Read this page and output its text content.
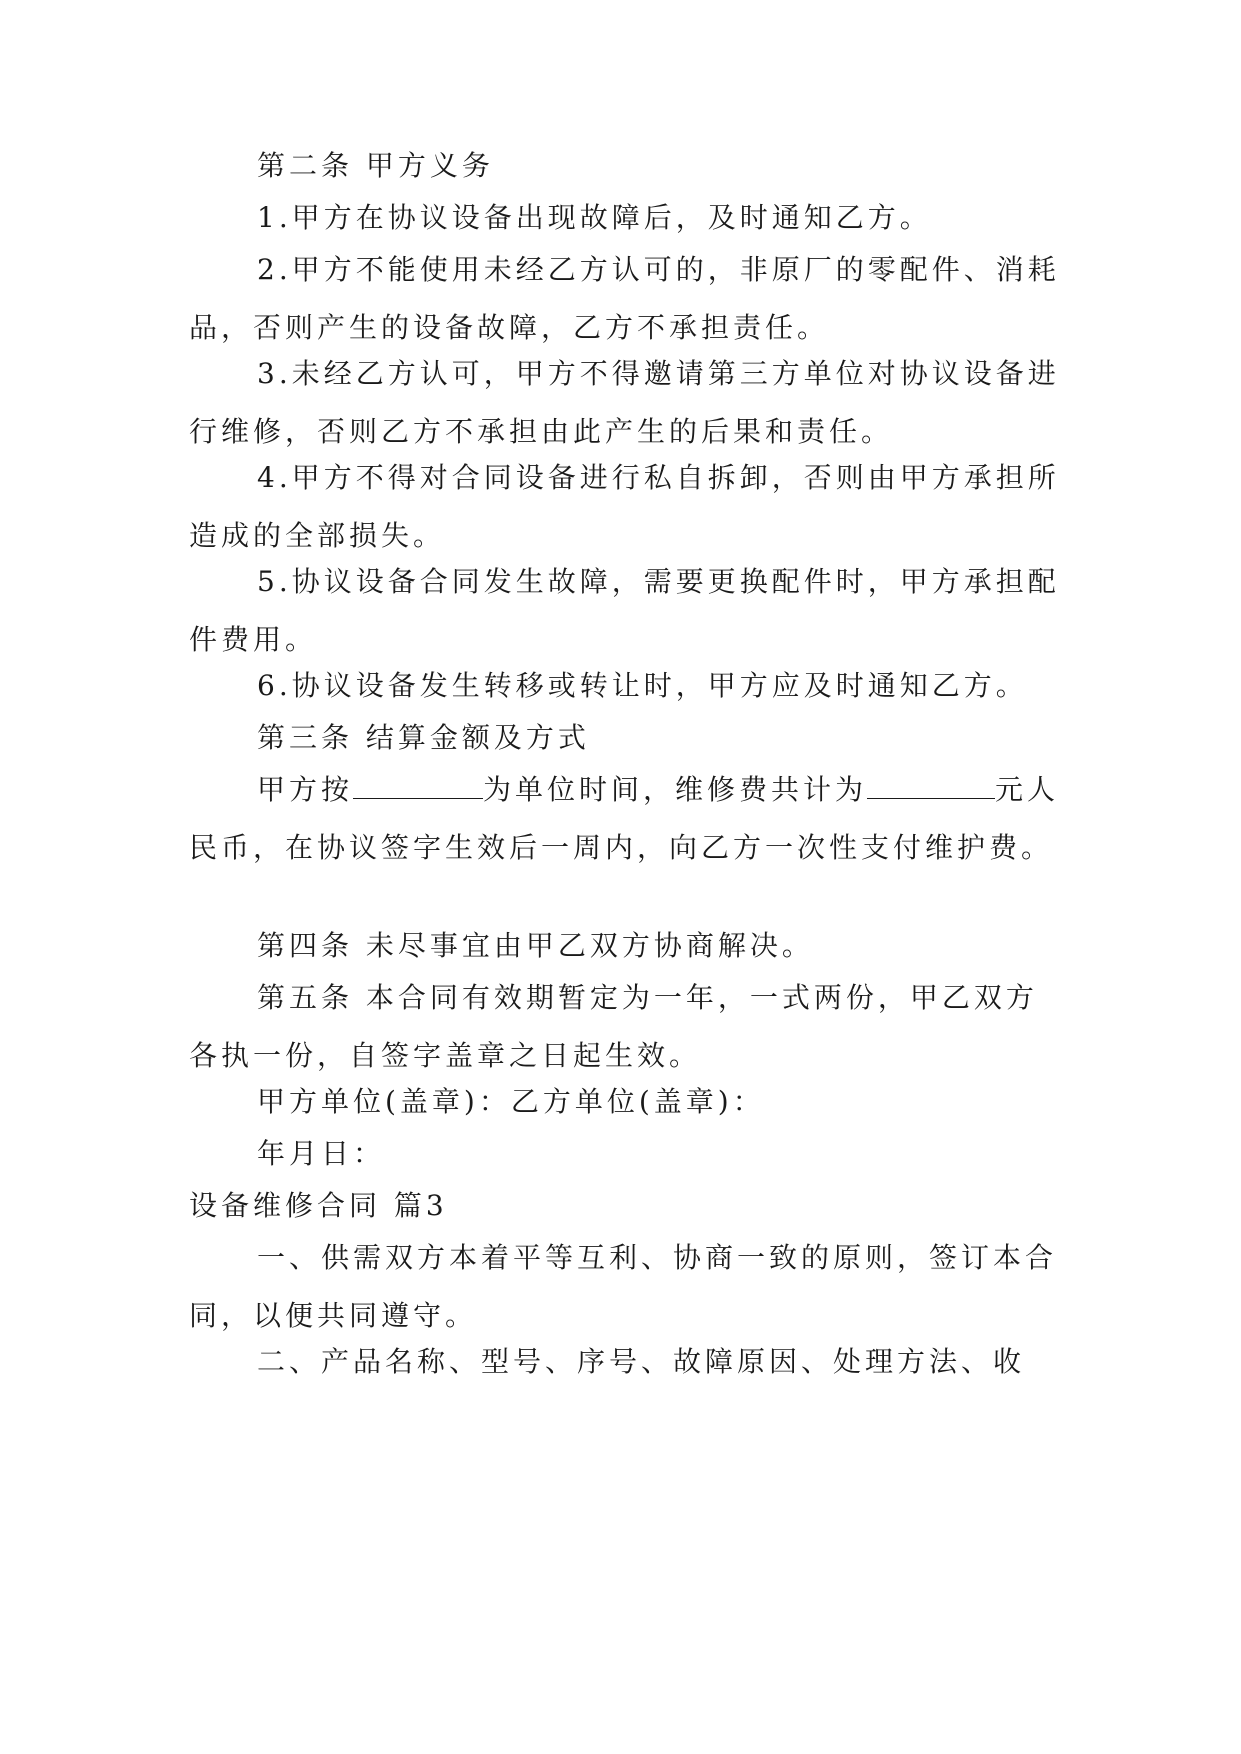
第二条 甲方义务

1.甲方在协议设备出现故障后，及时通知乙方。

2.甲方不能使用未经乙方认可的，非原厂的零配件、消耗品，否则产生的设备故障，乙方不承担责任。

3.未经乙方认可，甲方不得邀请第三方单位对协议设备进行维修，否则乙方不承担由此产生的后果和责任。

4.甲方不得对合同设备进行私自拆卸，否则由甲方承担所造成的全部损失。

5.协议设备合同发生故障，需要更换配件时，甲方承担配件费用。

6.协议设备发生转移或转让时，甲方应及时通知乙方。

第三条 结算金额及方式

甲方按	为单位时间，维修费共计为	元人民币，在协议签字生效后一周内，向乙方一次性支付维护费。

第四条 未尽事宜由甲乙双方协商解决。

第五条 本合同有效期暂定为一年，一式两份，甲乙双方各执一份，自签字盖章之日起生效。

甲方单位(盖章)：乙方单位(盖章)：

年月日：

设备维修合同 篇3

一、供需双方本着平等互利、协商一致的原则，签订本合同，以便共同遵守。

二、产品名称、型号、序号、故障原因、处理方法、收
